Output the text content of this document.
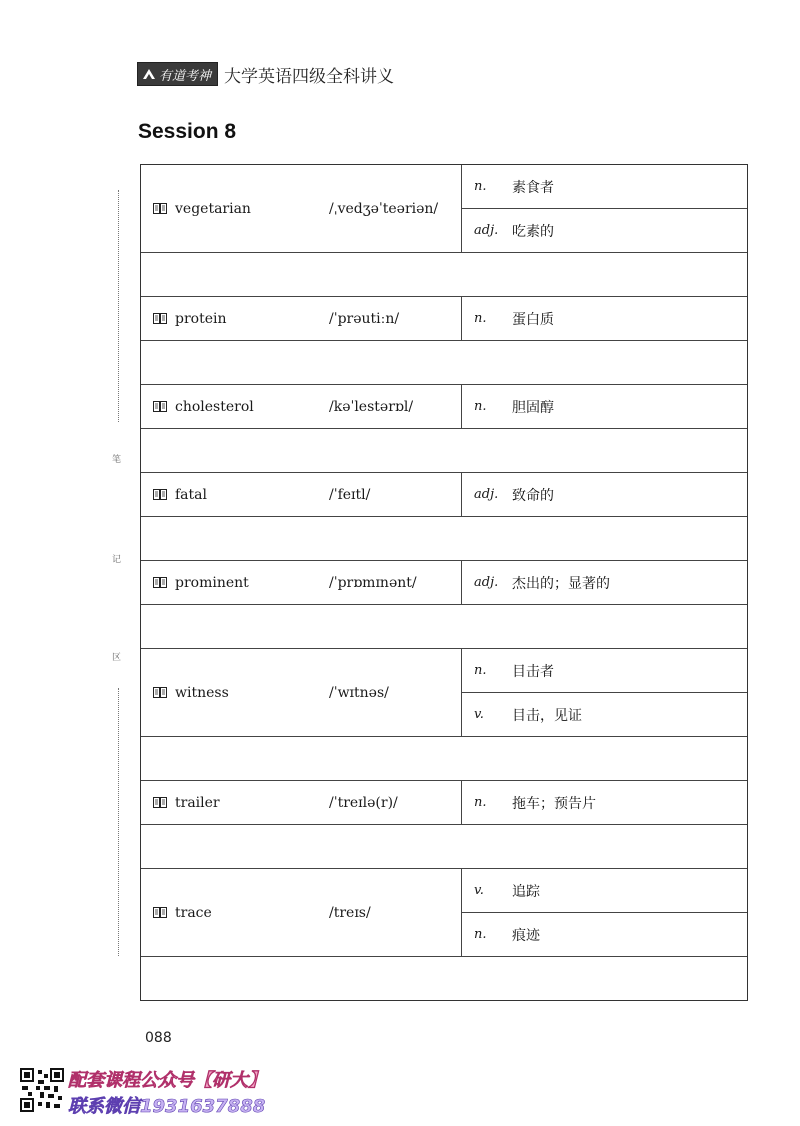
有道考神 大学英语四级全科讲义
Session 8
笔
记
区
vegetarian	/ˌvedʒəˈteəriən/
n.	素食者
adj. 吃素的
protein	/ˈprəutiːn/	n.	蛋白质
cholesterol	/kəˈlestərɒl/	n.	胆固醇
fatal	/ˈfeɪtl/	adj. 致命的
prominent	/ˈprɒmɪnənt/	adj. 杰出的；显著的
witness	/ˈwɪtnəs/
n.	目击者
v.	目击，见证
trailer	/ˈtreɪlə(r)/	n.	拖车；预告片
trace	/treɪs/
v.	追踪
n.	痕迹
088
配套课程公众号【研大】
联系微信1931637888
